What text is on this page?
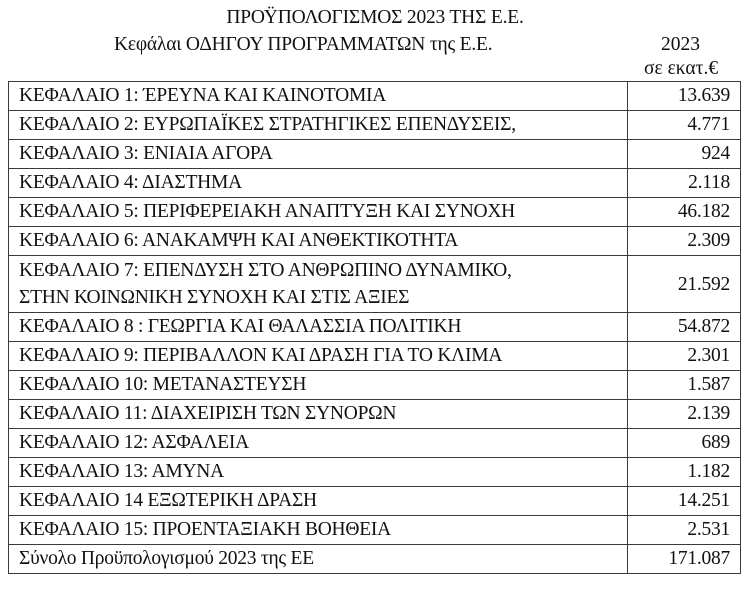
ΠΡΟΫΠΟΛΟΓΙΣΜΟΣ 2023 ΤΗΣ Ε.Ε.
Κεφάλαι ΟΔΗΓΟΥ ΠΡΟΓΡΑΜΜΑΤΩΝ της Ε.Ε.	2023
σε εκατ.€
ΚΕΦΑΛΑΙΟ 1: ΈΡΕΥΝΑ ΚΑΙ ΚΑΙΝΟΤΟΜΙΑ	13.639
ΚΕΦΑΛΑΙΟ 2: ΕΥΡΩΠΑΪΚΕΣ ΣΤΡΑΤΗΓΙΚΕΣ ΕΠΕΝΔΥΣΕΙΣ,	4.771
ΚΕΦΑΛΑΙΟ 3: ΕΝΙΑΙΑ ΑΓΟΡΑ	924
ΚΕΦΑΛΑΙΟ 4: ΔΙΑΣΤΗΜΑ	2.118
ΚΕΦΑΛΑΙΟ 5: ΠΕΡΙΦΕΡΕΙΑΚΗ ΑΝΑΠΤΥΞΗ ΚΑΙ ΣΥΝΟΧΗ	46.182
ΚΕΦΑΛΑΙΟ 6: ΑΝΑΚΑΜΨΗ ΚΑΙ ΑΝΘΕΚΤΙΚΟΤΗΤΑ	2.309

ΚΕΦΑΛΑΙΟ 7: ΕΠΕΝΔΥΣΗ ΣΤΟ ΑΝΘΡΩΠΙΝΟ ΔΥΝΑΜΙΚΟ,
ΣΤΗΝ ΚΟΙΝΩΝΙΚΗ ΣΥΝΟΧΗ ΚΑΙ ΣΤΙΣ ΑΞΙΕΣ	21.592
ΚΕΦΑΛΑΙΟ 8 : ΓΕΩΡΓΙΑ ΚΑΙ ΘΑΛΑΣΣΙΑ ΠΟΛΙΤΙΚΗ	54.872
ΚΕΦΑΛΑΙΟ 9: ΠΕΡΙΒΑΛΛΟΝ ΚΑΙ ΔΡΑΣΗ ΓΙΑ ΤΟ ΚΛΙΜΑ	2.301
ΚΕΦΑΛΑΙΟ 10: ΜΕΤΑΝΑΣΤΕΥΣΗ	1.587
ΚΕΦΑΛΑΙΟ 11: ΔΙΑΧΕΙΡΙΣΗ ΤΩΝ ΣΥΝΟΡΩΝ	2.139
ΚΕΦΑΛΑΙΟ 12: ΑΣΦΑΛΕΙΑ	689
ΚΕΦΑΛΑΙΟ 13: ΑΜΥΝΑ	1.182
ΚΕΦΑΛΑΙΟ 14 ΕΞΩΤΕΡΙΚΗ ΔΡΑΣΗ	14.251
ΚΕΦΑΛΑΙΟ 15: ΠΡΟΕΝΤΑΞΙΑΚΗ ΒΟΗΘΕΙΑ	2.531
Σύνολο Προϋπολογισμού 2023 της ΕΕ	171.087
